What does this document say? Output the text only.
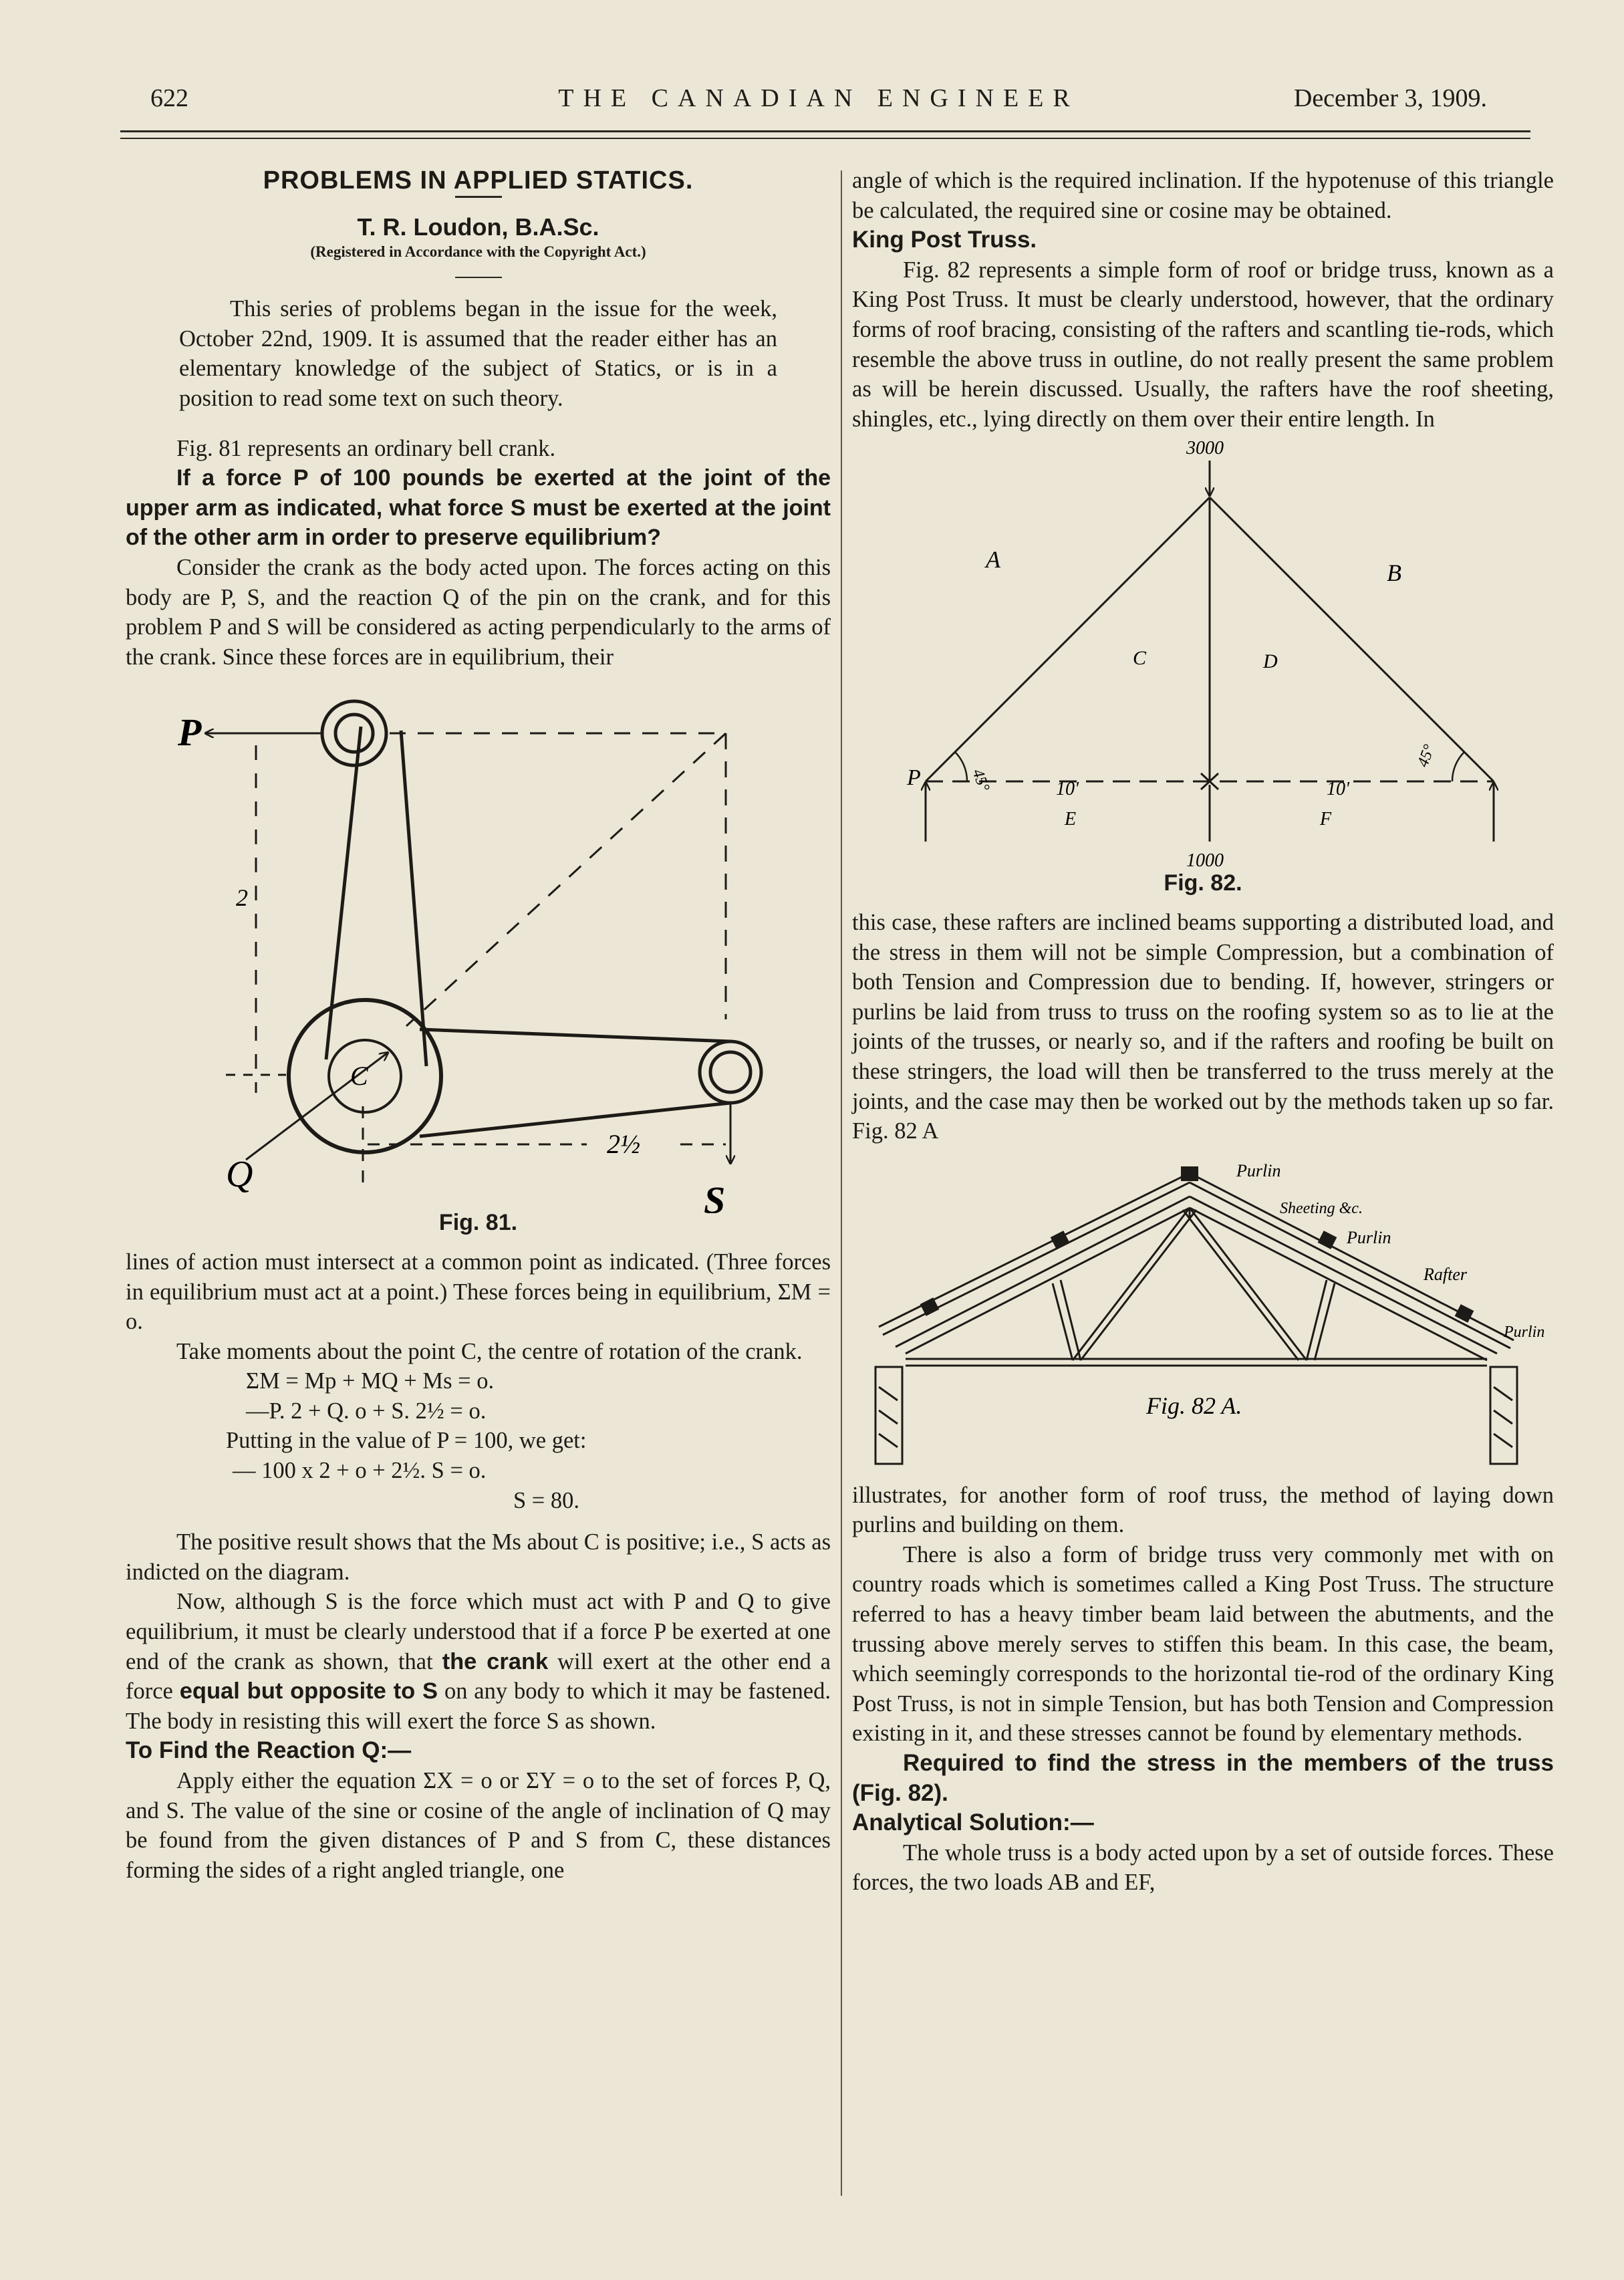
622	THE CANADIAN ENGINEER	December 3, 1909.

PROBLEMS IN APPLIED STATICS.

T. R. Loudon, B.A.Sc.

(Registered in Accordance with the Copyright Act.)

This series of problems began in the issue for the week, October 22nd, 1909. It is assumed that the reader either has an elementary knowledge of the subject of Statics, or is in a position to read some text on such theory.

Fig. 81 represents an ordinary bell crank.

If a force P of 100 pounds be exerted at the joint of the upper arm as indicated, what force S must be exerted at the joint of the other arm in order to preserve equilibrium?

Consider the crank as the body acted upon. The forces acting on this body are P, S, and the reaction Q of the pin on the crank, and for this problem P and S will be considered as acting perpendicularly to the arms of the crank. Since these forces are in equilibrium, their

P
2
C
Q
2½
S

Fig. 81.

lines of action must intersect at a common point as indicated. (Three forces in equilibrium must act at a point.) These forces being in equilibrium, ΣM = o.

Take moments about the point C, the centre of rotation of the crank.

ΣM = Mp + MQ + Ms = o.

—P. 2 + Q. o + S. 2½ = o.

Putting in the value of P = 100, we get:

— 100 x 2 + o + 2½. S = o.

S = 80.

The positive result shows that the Ms about C is positive; i.e., S acts as indicted on the diagram.

Now, although S is the force which must act with P and Q to give equilibrium, it must be clearly understood that if a force P be exerted at one end of the crank as shown, that the crank will exert at the other end a force equal but opposite to S on any body to which it may be fastened. The body in resisting this will exert the force S as shown.

To Find the Reaction Q:—

Apply either the equation ΣX = o or ΣY = o to the set of forces P, Q, and S. The value of the sine or cosine of the angle of inclination of Q may be found from the given distances of P and S from C, these distances forming the sides of a right angled triangle, one

angle of which is the required inclination. If the hypotenuse of this triangle be calculated, the required sine or cosine may be obtained.

King Post Truss.

Fig. 82 represents a simple form of roof or bridge truss, known as a King Post Truss. It must be clearly understood, however, that the ordinary forms of roof bracing, consisting of the rafters and scantling tie-rods, which resemble the above truss in outline, do not really present the same problem as will be herein discussed. Usually, the rafters have the roof sheeting, shingles, etc., lying directly on them over their entire length. In

3000
A	B
C	D
P	45°
45°
10'	10'
E	F
1000

Fig. 82.

this case, these rafters are inclined beams supporting a distributed load, and the stress in them will not be simple Compression, but a combination of both Tension and Compression due to bending. If, however, stringers or purlins be laid from truss to truss on the roofing system so as to lie at the joints of the trusses, or nearly so, and if the rafters and roofing be built on these stringers, the load will then be transferred to the truss merely at the joints, and the case may then be worked out by the methods taken up so far. Fig. 82 A

Purlin
Sheeting &c.
Purlin
Rafter
Purlin
Fig. 82 A.

illustrates, for another form of roof truss, the method of laying down purlins and building on them.

There is also a form of bridge truss very commonly met with on country roads which is sometimes called a King Post Truss. The structure referred to has a heavy timber beam laid between the abutments, and the trussing above merely serves to stiffen this beam. In this case, the beam, which seemingly corresponds to the horizontal tie-rod of the ordinary King Post Truss, is not in simple Tension, but has both Tension and Compression existing in it, and these stresses cannot be found by elementary methods.

Required to find the stress in the members of the truss (Fig. 82).

Analytical Solution:—

The whole truss is a body acted upon by a set of outside forces. These forces, the two loads AB and EF,
